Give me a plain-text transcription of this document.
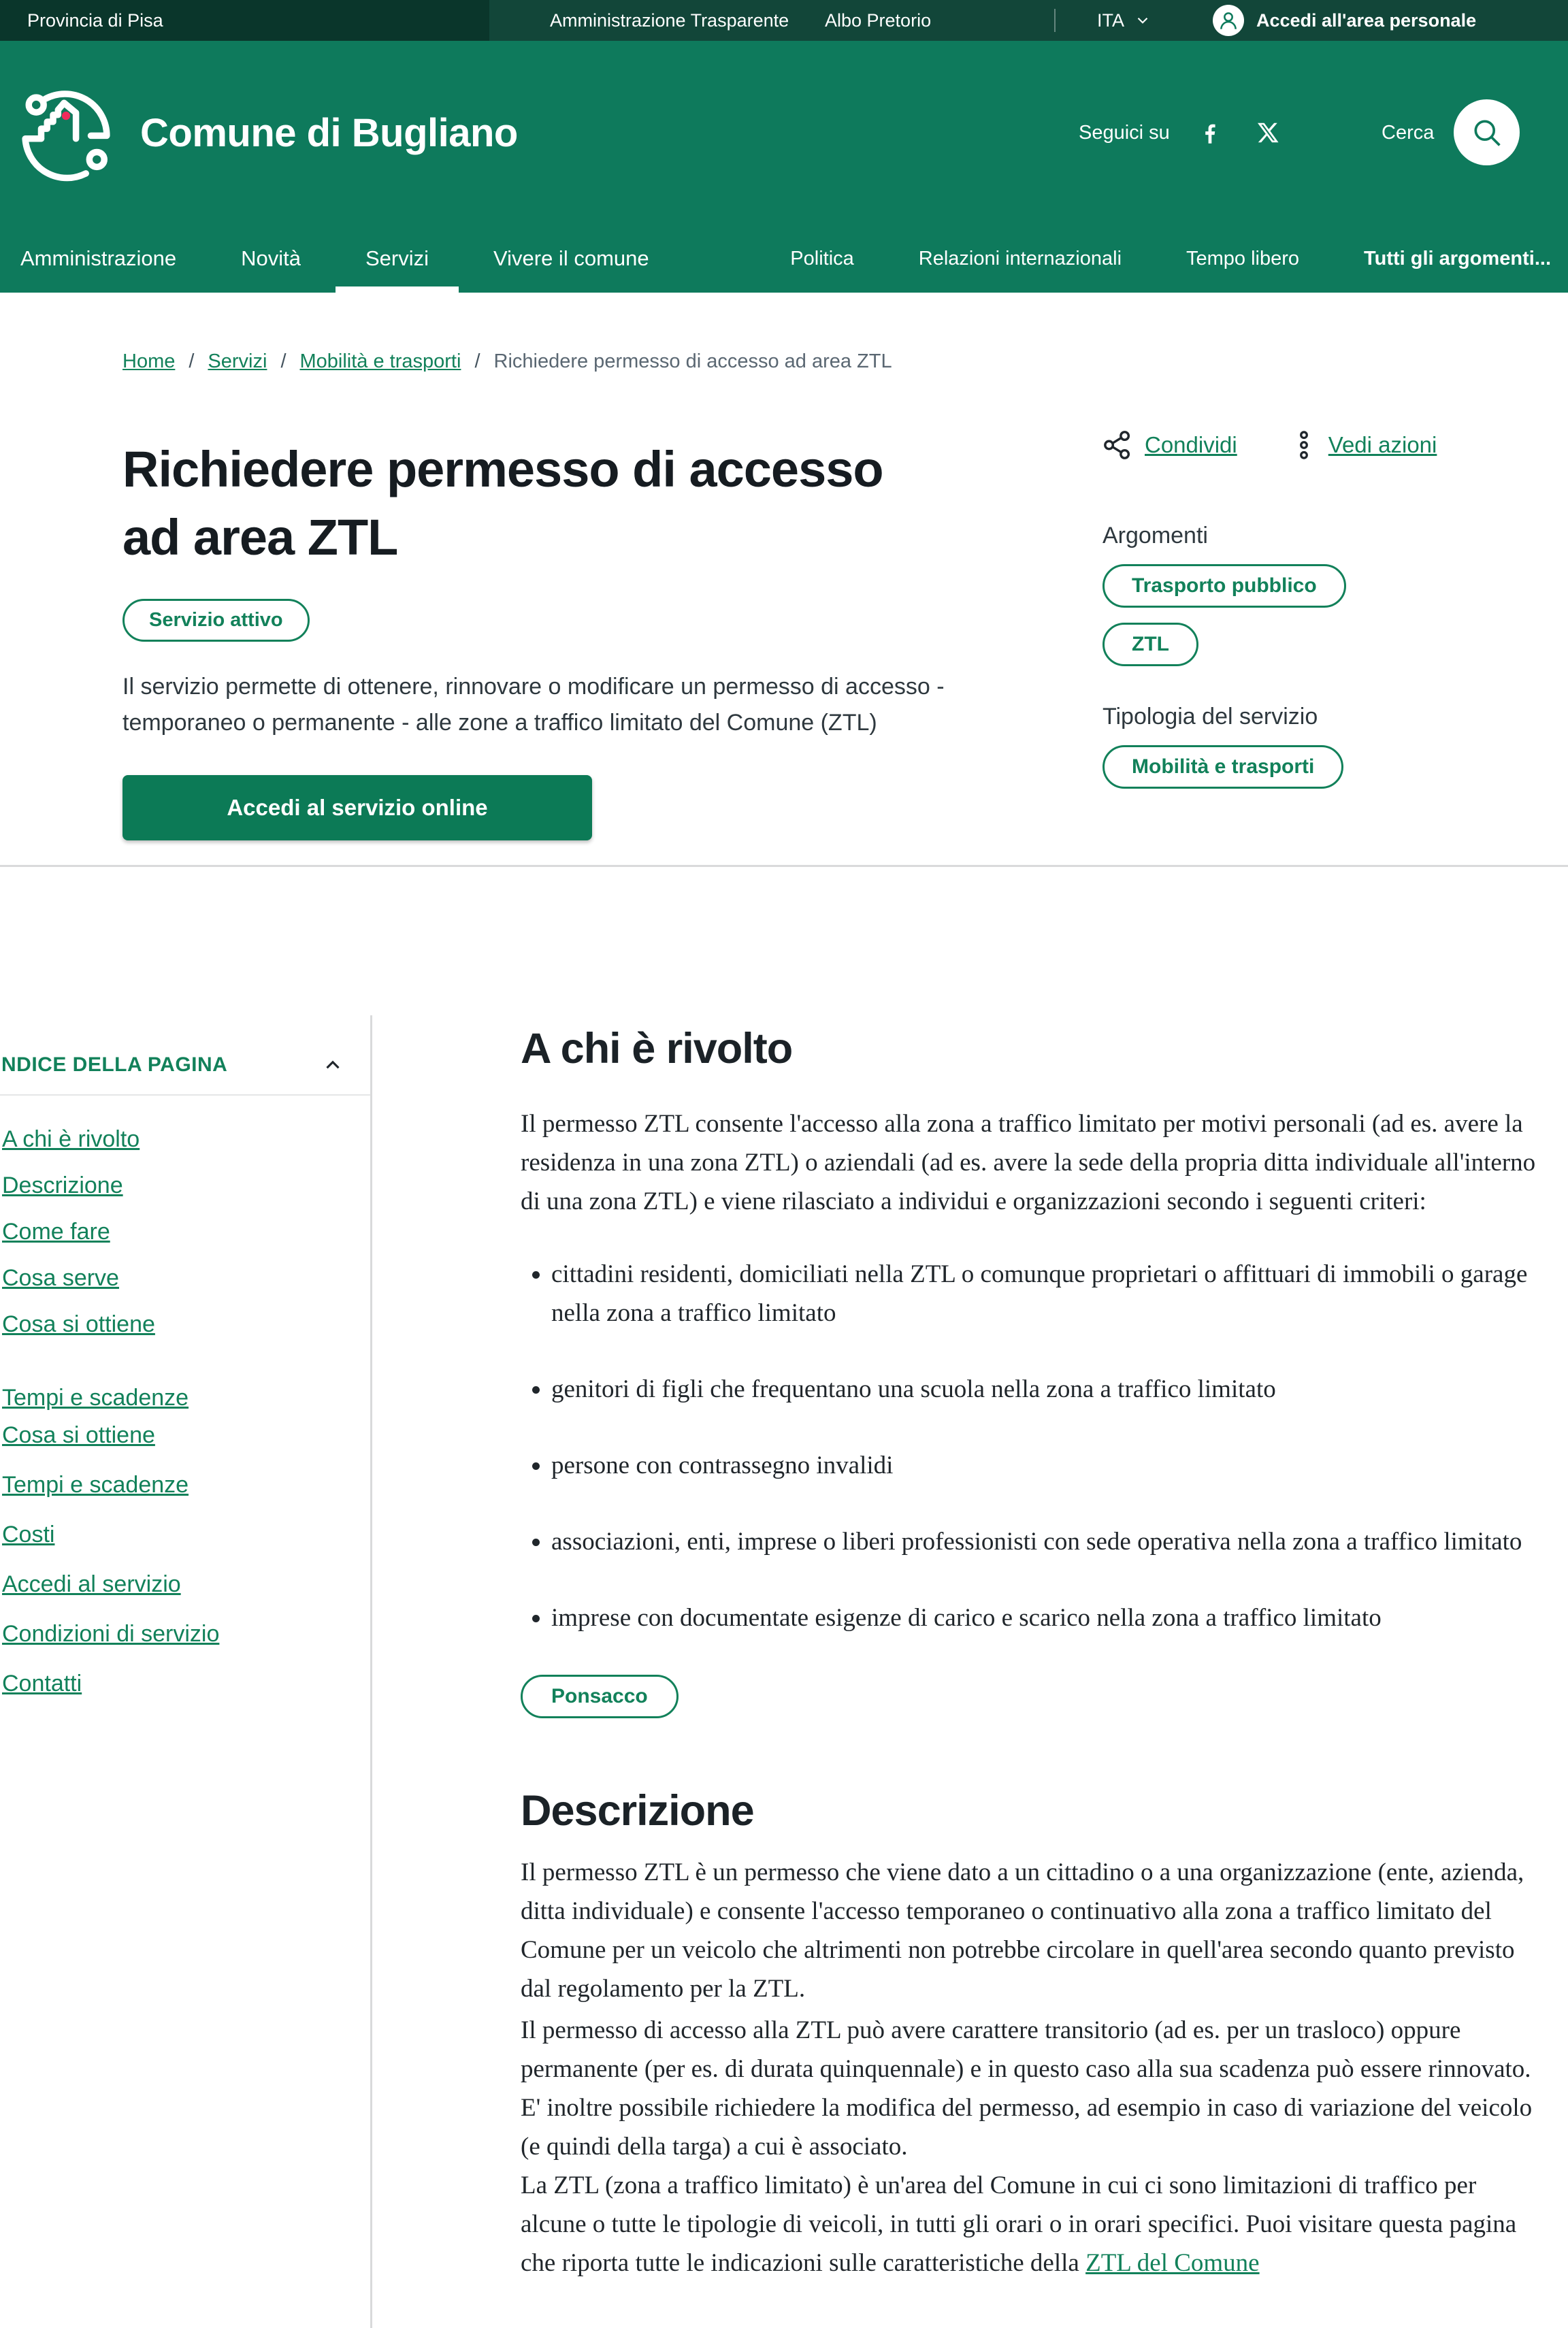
Provincia di Pisa	Amministrazione Trasparente Albo Pretorio	ITA	Accedi all'area personale
Comune di Bugliano	Seguici su	Cerca
Amministrazione	Novità	Servizi	Vivere il comune	Politica	Relazioni internazionali	Tempo libero	Tutti gli argomenti...
Home / Servizi / Mobilità e trasporti / Richiedere permesso di accesso ad area ZTL
Richiedere permesso di accesso ad area ZTL
Servizio attivo

Il servizio permette di ottenere, rinnovare o modificare un permesso di accesso - temporaneo o permanente - alle zone a traffico limitato del Comune (ZTL)

Accedi al servizio online
Condividi	Vedi azioni
Argomenti
Trasporto pubblico
ZTL
Tipologia del servizio
Mobilità e trasporti
NDICE DELLA PAGINA
A chi è rivolto
Descrizione
Come fare
Cosa serve
Cosa si ottiene
Tempi e scadenze
Cosa si ottiene
Tempi e scadenze
Costi
Accedi al servizio
Condizioni di servizio
Contatti
A chi è rivolto

Il permesso ZTL consente l'accesso alla zona a traffico limitato per motivi personali (ad es. avere la residenza in una zona ZTL) o aziendali (ad es. avere la sede della propria ditta individuale all'interno di una zona ZTL) e viene rilasciato a individui e organizzazioni secondo i seguenti criteri:

• cittadini residenti, domiciliati nella ZTL o comunque proprietari o affittuari di immobili o garage nella zona a traffico limitato
• genitori di figli che frequentano una scuola nella zona a traffico limitato
• persone con contrassegno invalidi
• associazioni, enti, imprese o liberi professionisti con sede operativa nella zona a traffico limitato
• imprese con documentate esigenze di carico e scarico nella zona a traffico limitato
Ponsacco
Descrizione

Il permesso ZTL è un permesso che viene dato a un cittadino o a una organizzazione (ente, azienda, ditta individuale) e consente l'accesso temporaneo o continuativo alla zona a traffico limitato del Comune per un veicolo che altrimenti non potrebbe circolare in quell'area secondo quanto previsto dal regolamento per la ZTL.

Il permesso di accesso alla ZTL può avere carattere transitorio (ad es. per un trasloco) oppure permanente (per es. di durata quinquennale) e in questo caso alla sua scadenza può essere rinnovato. E' inoltre possibile richiedere la modifica del permesso, ad esempio in caso di variazione del veicolo (e quindi della targa) a cui è associato.
La ZTL (zona a traffico limitato) è un'area del Comune in cui ci sono limitazioni di traffico per alcune o tutte le tipologie di veicoli, in tutti gli orari o in orari specifici. Puoi visitare questa pagina che riporta tutte le indicazioni sulle caratteristiche della ZTL del Comune
